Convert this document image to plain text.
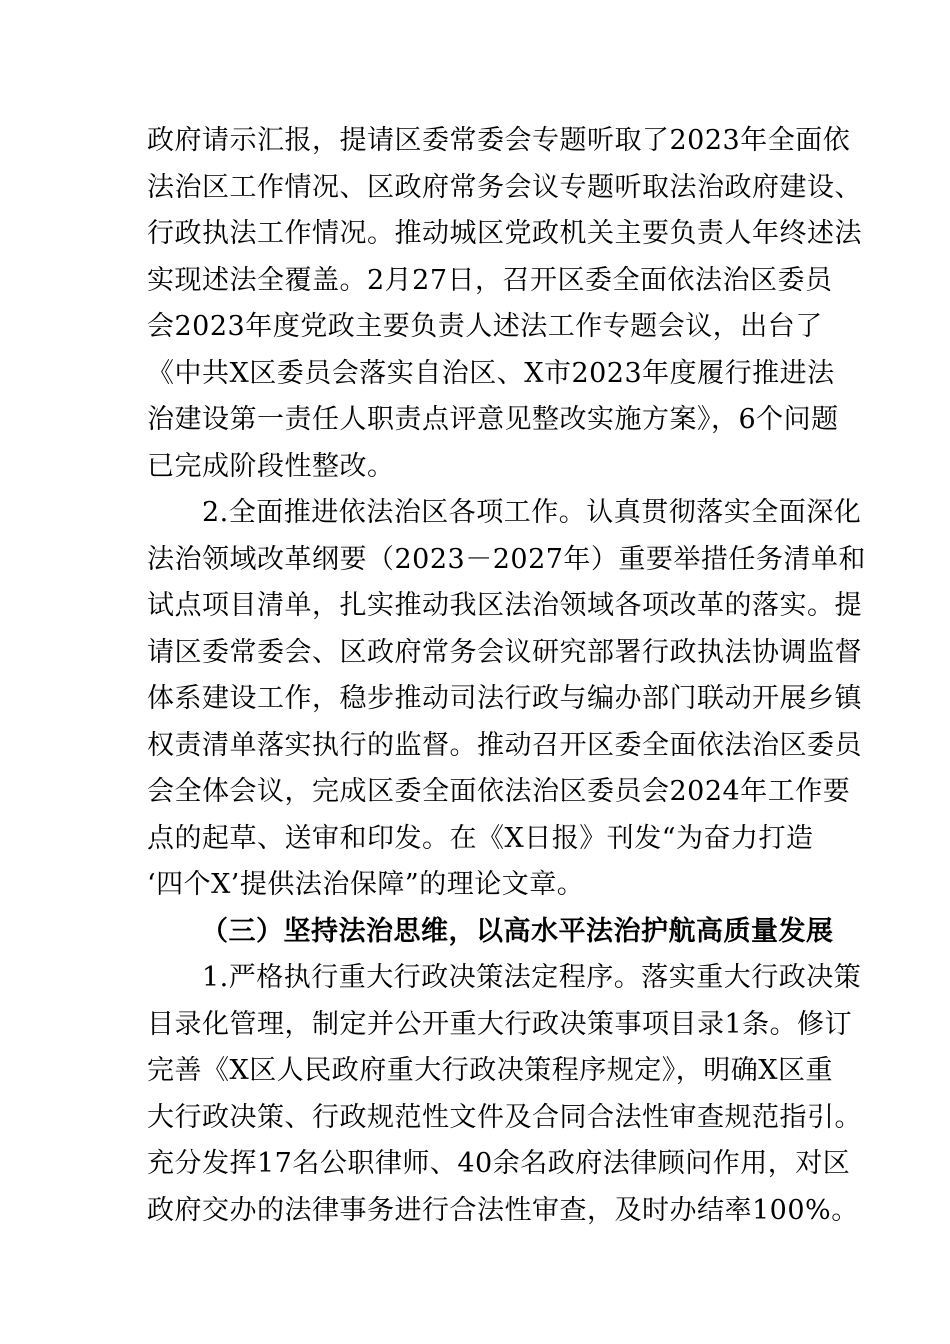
政府请示汇报，提请区委常委会专题听取了2023年全面依
法治区工作情况、区政府常务会议专题听取法治政府建设、
行政执法工作情况。推动城区党政机关主要负责人年终述法
实现述法全覆盖。2月27日，召开区委全面依法治区委员
会2023年度党政主要负责人述法工作专题会议，出台了
《中共X区委员会落实自治区、X市2023年度履行推进法
治建设第一责任人职责点评意见整改实施方案》，6个问题
已完成阶段性整改。
　　2.全面推进依法治区各项工作。认真贯彻落实全面深化
法治领域改革纲要（2023－2027年）重要举措任务清单和
试点项目清单，扎实推动我区法治领域各项改革的落实。提
请区委常委会、区政府常务会议研究部署行政执法协调监督
体系建设工作，稳步推动司法行政与编办部门联动开展乡镇
权责清单落实执行的监督。推动召开区委全面依法治区委员
会全体会议，完成区委全面依法治区委员会2024年工作要
点的起草、送审和印发。在《X日报》刊发“为奋力打造
‘四个X’提供法治保障”的理论文章。
（三）坚持法治思维，以高水平法治护航高质量发展
　　1.严格执行重大行政决策法定程序。落实重大行政决策
目录化管理，制定并公开重大行政决策事项目录1条。修订
完善《X区人民政府重大行政决策程序规定》，明确X区重
大行政决策、行政规范性文件及合同合法性审查规范指引。
充分发挥17名公职律师、40余名政府法律顾问作用，对区
政府交办的法律事务进行合法性审查，及时办结率100%。
